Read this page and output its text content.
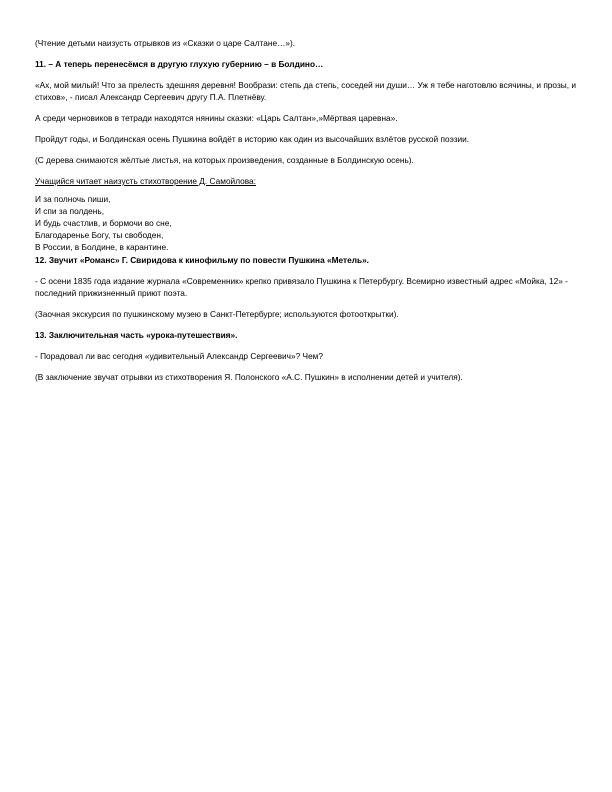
(Чтение детьми наизусть отрывков из «Сказки о царе Салтане…»).

11. – А теперь перенесёмся в другую глухую губернию – в Болдино…

«Ах, мой милый! Что за прелесть здешняя деревня! Вообрази: степь да степь, соседей ни души… Уж я тебе наготовлю всячины, и прозы, и стихов», - писал Александр Сергеевич другу П.А. Плетнёву.

А среди черновиков в тетради находятся нянины сказки: «Царь Салтан»,»Мёртвая царевна».

Пройдут годы, и Болдинская осень Пушкина войдёт в историю как один из высочайших взлётов русской поэзии.

(С дерева снимаются жёлтые листья, на которых произведения, созданные в Болдинскую осень).

Учащийся читает наизусть стихотворение Д. Самойлова:

И за полночь пиши,
И спи за полдень,
И будь счастлив, и бормочи во сне,
Благодаренье Богу, ты свободен,
В России, в Болдине, в карантине.

12. Звучит «Романс» Г. Свиридова к кинофильму по повести Пушкина «Метель».

- С осени 1835 года издание журнала «Современник» крепко привязало Пушкина к Петербургу. Всемирно известный адрес «Мойка, 12» - последний прижизненный приют поэта.

(Заочная экскурсия по пушкинскому музею в Санкт-Петербурге; используются фотооткрытки).

13. Заключительная часть «урока-путешествия».

- Порадовал ли вас сегодня «удивительный Александр Сергеевич»? Чем?

(В заключение звучат отрывки из стихотворения Я. Полонского «А.С. Пушкин» в исполнении детей и учителя).
